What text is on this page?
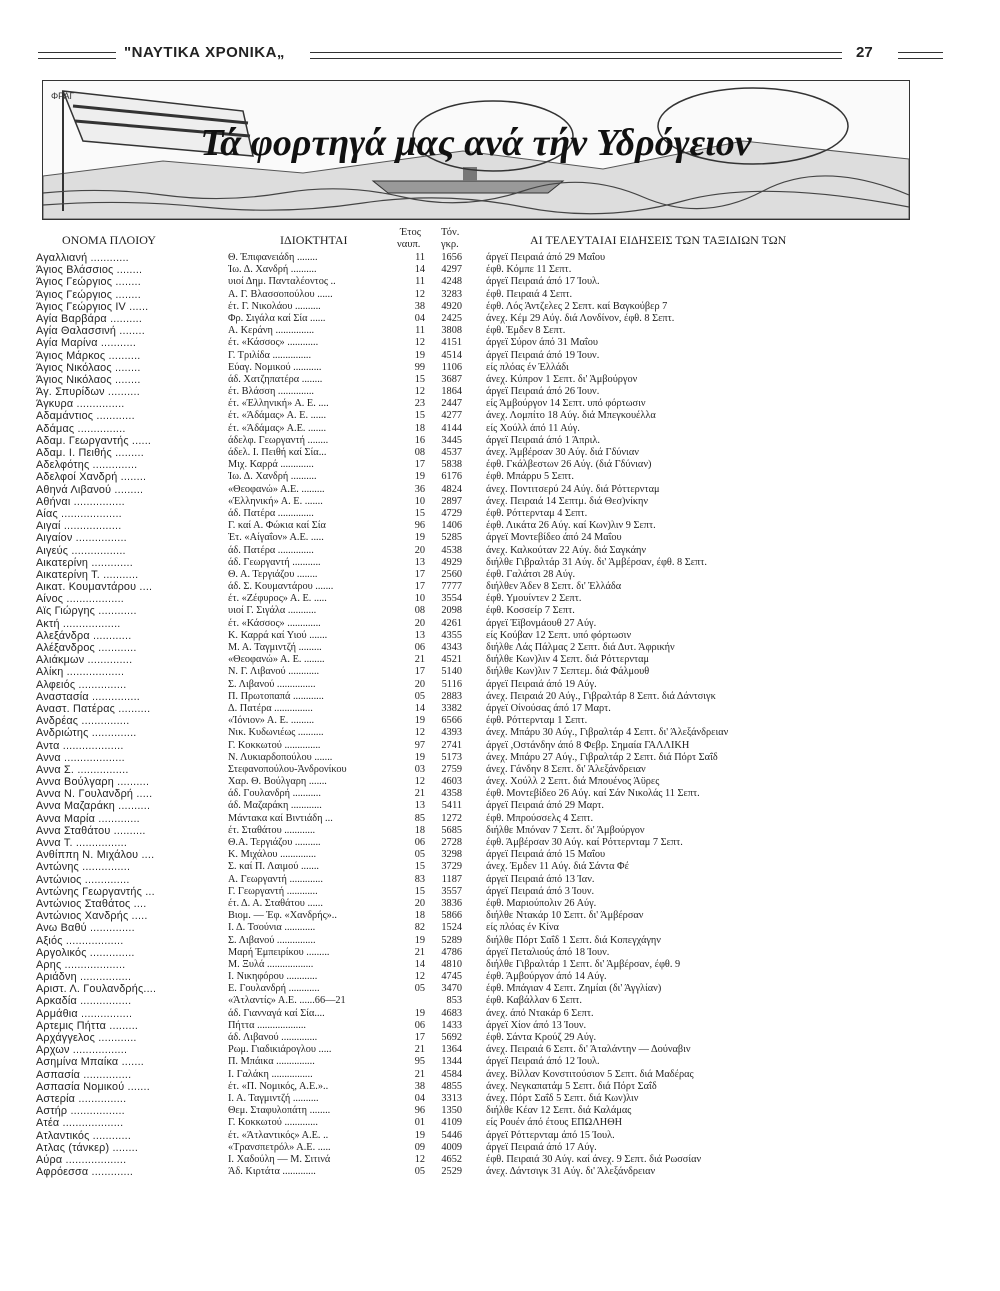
"ΝΑΥΤΙΚΑ ΧΡΟΝΙΚΑ„	27
Τά φορτηγά μας ανά τήν Υδρόγειον
ΦΡΑΓ
ΟΝΟΜΑ ΠΛΟΙΟΥ	ΙΔΙΟΚΤΗΤΑΙ
Έτος
ναυπ.
Τόν.
γκρ.	ΑΙ ΤΕΛΕΥΤΑΙΑΙ ΕΙΔΗΣΕΙΣ ΤΩΝ ΤΑΞΙΔΙΩΝ ΤΩΝ
Αγαλλιανή ............	Θ. Έπιφανειάδη ........	11	1656 άργεϊ Πειραιά άπό 29 Μαΐου
Άγιος Βλάσσιος ........	Ίω. Δ. Χανδρή ..........	14	4297 έφθ. Κόμπε 11 Σεπτ.
Άγιος Γεώργιος ........	υιοί Δημ. Πανταλέοντος ..	11	4248 άργεϊ Πειραιά άπό 17 Ίουλ.
Άγιος Γεώργιος ........	Α. Γ. Βλασσοπούλου ......	12	3283 έφθ. Πειραιά 4 Σεπτ.
Άγιος Γεώργιος IV ......	έτ. Γ. Νικολάου ..........	38	4920 έφθ. Λός Άντζελες 2 Σεπτ. καί Βαγκούβερ 7
Αγία Βαρβάρα ..........	Φρ. Σιγάλα καί Σία ......	04	2425 άνεχ. Κέμ 29 Αύγ. διά Λονδίνον, έφθ. 8 Σεπτ.
Αγία Θαλασσινή ........	Α. Κεράνη ...............	11	3808 έφθ. Έμδεν 8 Σεπτ.
Αγία Μαρίνα ...........	έτ. «Κάσσος» ............	12	4151 άργεϊ Σύρον άπό 31 Μαΐου
Άγιος Μάρκος ..........	Γ. Τριλίδα ...............	19	4514 άργεϊ Πειραιά άπό 19 Ίουν.
Άγιος Νικόλαος ........	Εύαγ. Νομικού ...........	99	1106 είς πλόας έν Έλλάδι
Άγιος Νικόλαος ........	άδ. Χατζηπατέρα ........	15	3687 άνεχ. Κύπρον 1 Σεπτ. δι' Άμβούργον
Άγ. Σπυρίδων ..........	έτ. Βλάσση ..............	12	1864 άργεϊ Πειραιά άπό 26 Ίουν.
Άγκυρα ...............	έτ. «Έλληνική» Α. Ε. ....	23	2447 είς Άμβούργον 14 Σεπτ. υπό φόρτωσιν
Αδαμάντιος ............	έτ. «Άδάμας» Α. Ε. ......	15	4277 άνεχ. Λομπίτο 18 Αύγ. διά Μπεγκουέλλα
Αδάμας ...............	έτ. «Άδάμας» Α.Ε. .......	18	4144 είς Χούλλ άπό 11 Αύγ.
Αδαμ. Γεωργαντής ......	άδελφ. Γεωργαντή ........	16	3445 άργεϊ Πειραιά άπό 1 Άπριλ.
Αδαμ. Ι. Πειθής .........	άδελ. Ι. Πειθή καί Σία...	08	4537 άνεχ. Άμβέρσαν 30 Αύγ. διά Γδύνιαν
Αδελφότης ..............	Μιχ. Καρρά .............	17	5838 έφθ. Γκάλβεστων 26 Αύγ. (διά Γδύνιαν)
Αδελφοί Χανδρή ........	Ίω. Δ. Χανδρή ..........	19	6176 έφθ. Μπάρρυ 5 Σεπτ.
Αθηνά Λιβανού .........	«Θεοφανώ» Α.Ε. .........	36	4824 άνεχ. Ποντιτσερύ 24 Αύγ. διά Ρόττερνταμ
Αθήναι ................	«Έλληνική» Α. Ε. .......	10	2897 άνεχ. Πειραιά 14 Σεπτμ. διά Θεσ)νίκην
Αίας ...................	άδ. Πατέρα ..............	15	4729 έφθ. Ρόττερνταμ 4 Σεπτ.
Αιγαί ..................	Γ. καί Α. Φώκια καί Σία	96	1406 έφθ. Λικάτα 26 Αύγ. καί Κων)λιν 9 Σεπτ.
Αιγαίον ................	Έτ. «Αίγαΐον» Α.Ε. .....	19	5285 άργεϊ Μοντεβίδεο άπό 24 Μαΐου
Αιγεύς .................	άδ. Πατέρα ..............	20	4538 άνεχ. Καλκούταν 22 Αύγ. διά Σαγκάην
Αικατερίνη .............	άδ. Γεωργαντή ...........	13	4929 διήλθε Γιβραλτάρ 31 Αύγ. δι' Άμβέρσαν, έφθ. 8 Σεπτ.
Αικατερίνη Τ. ...........	Θ. Α. Τεργιάζου ........	17	2560 έφθ. Γαλάτσι 28 Αύγ.
Αικατ. Κουμαντάρου ....	άδ. Σ. Κουμαντάρου .......	17	7777 διήλθεν Άδεν 8 Σεπτ. δι' Έλλάδα
Αίνος ..................	έτ. «Ζέφυρος» Α. Ε. .....	10	3554 έφθ. Υμουίντεν 2 Σεπτ.
Αϊς Γιώργης ............	υιοί Γ. Σιγάλα ...........	08	2098 έφθ. Κοσσείρ 7 Σεπτ.
Ακτή ..................	έτ. «Κάσσος» .............	20	4261 άργεϊ Έϊβονμάουθ 27 Αύγ.
Αλεξάνδρα ............	Κ. Καρρά καί Υιού .......	13	4355 είς Κούβαν 12 Σεπτ. υπό φόρτωσιν
Αλέξανδρος ............	Μ. Α. Ταγμιντζή .........	06	4343 διήλθε Λάς Πάλμας 2 Σεπτ. διά Δυτ. Άφρικήν
Αλιάκμων ..............	«Θεοφανώ» Α. Ε. ........	21	4521 διήλθε Κων)λιν 4 Σεπτ. διά Ρόττερνταμ
Αλίκη ..................	Ν. Γ. Λιβανού ............	17	5140 διήλθε Κων)λιν 7 Σεπτεμ. διά Φάλμουθ
Αλφειός ...............	Σ. Λιβανού ...............	20	5116 άργεϊ Πειραιά άπό 19 Αύγ.
Αναστασία ...............	Π. Πρωτοπαπά ............	05	2883 άνεχ. Πειραιά 20 Αύγ., Γιβραλτάρ 8 Σεπτ. διά Δάντσιγκ
Αναστ. Πατέρας ..........	Δ. Πατέρα ...............	14	3382 άργεϊ Οίνούσας άπό 17 Μαρτ.
Ανδρέας ...............	«Ίόνιον» Α. Ε. .........	19	6566 έφθ. Ρόττερνταμ 1 Σεπτ.
Ανδριώτης ..............	Νικ. Κυδωνιέως ..........	12	4393 άνεχ. Μπάρυ 30 Αύγ., Γιβραλτάρ 4 Σεπτ. δι' Άλεξάνδρειαν
Αντα ...................	Γ. Κοκκωτού ..............	97	2741 άργεϊ ,Οστάνδην άπό 8 Φεβρ. Σημαία ΓΑΛΛΙΚΗ
Αννα ...................	Ν. Λυκιαρδοπούλου .......	19	5173 άνεχ. Μπάρυ 27 Αύγ., Γιβραλτάρ 2 Σεπτ. διά Πόρτ Σαΐδ
Αννα Σ. ................	Στεφανοπούλου-Άνδρονίκου	03	2759 άνεχ. Γάνδην 8 Σεπτ. δι' Άλεξάνδρειαν
Αννα Βούλγαρη ..........	Χαρ. Θ. Βούλγαρη .......	12	4603 άνεχ. Χούλλ 2 Σεπτ. διά Μπουένος Άϋρες
Αννα Ν. Γουλανδρή .....	άδ. Γουλανδρή ...........	21	4358 έφθ. Μοντεβίδεο 26 Αύγ. καί Σάν Νικολάς 11 Σεπτ.
Αννα Μαζαράκη ..........	άδ. Μαζαράκη ............	13	5411 άργεϊ Πειραιά άπό 29 Μαρτ.
Αννα Μαρία .............	Μάντακα καί Βιντιάδη ...	85	1272 έφθ. Μπρούσσελς 4 Σεπτ.
Αννα Σταθάτου ..........	έτ. Σταθάτου ............	18	5685 διήλθε Μπόναν 7 Σεπτ. δι' Άμβούργον
Αννα Τ. ................	Θ.Α. Τεργιάζου ..........	06	2728 έφθ. Άμβέρσαν 30 Αύγ. καί Ρόττερνταμ 7 Σεπτ.
Ανθίππη Ν. Μιχάλου ....	Κ. Μιχάλου ..............	05	3298 άργεϊ Πειραιά άπό 15 Μαΐου
Αντώνης ...............	Σ. καί Π. Λαιμού .......	15	3729 άνεχ. Έμδεν 11 Αύγ. διά Σάντα Φέ
Αντώνιος ..............	Α. Γεωργαντή .............	83	1187 άργεϊ Πειραιά άπό 13 Ίαν.
Αντώνης Γεωργαντής ...	Γ. Γεωργαντή ............	15	3557 άργεϊ Πειραιά άπό 3 Ίουν.
Αντώνιος Σταθάτος ....	έτ. Δ. Α. Σταθάτου ......	20	3836 έφθ. Μαριούπολιν 26 Αύγ.
Αντώνιος Χανδρής .....	Βιομ. — Έφ. «Χανδρής»..	18	5866 διήλθε Ντακάρ 10 Σεπτ. δι' Άμβέρσαν
Ανω Βαθύ ..............	Ι. Δ. Τσούνια ............	82	1524 είς πλόας έν Κίνα
Αξιός ..................	Σ. Λιβανού ...............	19	5289 διήλθε Πόρτ Σαΐδ 1 Σεπτ. διά Κοπεγχάγην
Αργολικός ..............	Μαρή Έμπειρίκου .........	21	4786 άργεϊ Πεταλιούς άπό 18 Ίουν.
Αρης ...................	Μ. Ξυλά ..................	14	4810 διήλθε Γιβραλτάρ 1 Σεπτ. δι' Άμβέρσαν, έφθ. 9
Αριάδνη ................	Ι. Νικηφόρου ............	12	4745 έφθ. Άμβούργον άπό 14 Αύγ.
Αριστ. Λ. Γουλανδρής....	Ε. Γουλανδρή ............	05	3470 έφθ. Μπάγιαν 4 Σεπτ. Ζημίαι (δι' Άγγλίαν)
Αρκαδία ................	«Άτλαντίς» Α.Ε. ......66—21	853 έφθ. Καβάλλαν 6 Σεπτ.
Αρμάθια ................	άδ. Γιανναγά καί Σία....	19	4683 άνεχ. άπό Ντακάρ 6 Σεπτ.
Αρτεμις Πήττα .........	Πήττα ...................	06	1433 άργεϊ Χίον άπό 13 Ίουν.
Αρχάγγελος ............	άδ. Λιβανού ..............	17	5692 έφθ. Σάντα Κρούζ 29 Αύγ.
Αρχων .................	Ρωμ. Γιαδικιάρογλου .....	21	1364 άνεχ. Πειραιά 6 Σεπτ. δι' Άταλάντην — Δούναβιν
Ασημίνα Μπαίκα .......	Π. Μπάικα ...............	95	1344 άργεϊ Πειραιά άπό 12 Ίουλ.
Ασπασία ...............	Ι. Γαλάκη ................	21	4584 άνεχ. Βίλλαν Κονστιτούσιον 5 Σεπτ. διά Μαδέρας
Ασπασία Νομικού .......	έτ. «Π. Νομικός, Α.Ε.»..	38	4855 άνεχ. Νεγκαπατάμ 5 Σεπτ. διά Πόρτ Σαΐδ
Αστερία ...............	Ι. Α. Ταγμιντζή ..........	04	3313 άνεχ. Πόρτ Σαΐδ 5 Σεπτ. διά Κων)λιν
Αστήρ .................	Θεμ. Σταφυλοπάτη ........	96	1350 διήλθε Κέαν 12 Σεπτ. διά Καλάμας
Ατέα ...................	Γ. Κοκκωτού .............	01	4109 είς Ρουέν άπό έτους ΕΠΩΛΗΘΗ
Ατλαντικός ............	έτ. «Άτλαντικός» Α.Ε. ..	19	5446 άργεϊ Ρόττερνταμ άπό 15 Ίουλ.
Ατλας (τάνκερ) ........	«Τρανσπετρόλ» Α.Ε. .....	09	4009 άργεϊ Πειραιά άπό 17 Αύγ.
Αύρα ...................	Ι. Χαδούλη — Μ. Σιτινά	12	4652 έφθ. Πειραιά 30 Αύγ. καί άνεχ. 9 Σεπτ. διά Ρωσσίαν
Αφρόεσσα .............	Άδ. Κιρτάτα .............	05	2529 άνεχ. Δάντσιγκ 31 Αύγ. δι' Άλεξάνδρειαν
